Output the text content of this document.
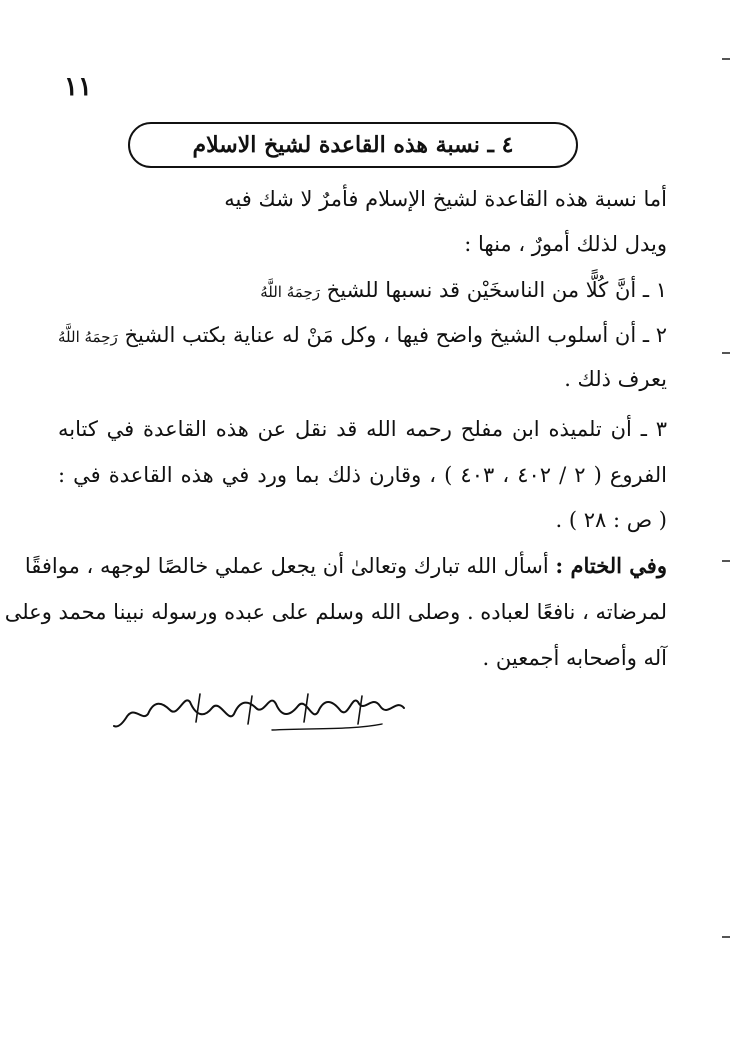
١١
٤ ـ نسبة هذه القاعدة لشيخ الاسلام
أما نسبة هذه القاعدة لشيخ الإسلام فأمرٌ لا شك فيه
ويدل لذلك أمورٌ ، منها :
١ ـ أنَّ كُلًّا من الناسخَيْن قد نسبها للشيخ رَحِمَهُ اللَّهُ
٢ ـ أن أسلوب الشيخ واضح فيها ، وكل مَنْ له عناية بكتب الشيخ رَحِمَهُ اللَّهُ
يعرف ذلك .
٣ ـ أن تلميذه ابن مفلح رحمه الله قد نقل عن هذه القاعدة في كتابه
الفروع ( ٢ / ٤٠٢ ، ٤٠٣ ) ، وقارن ذلك بما ورد في هذه القاعدة في :
( ص : ٢٨ ) .
وفي الختام : أسأل الله تبارك وتعالىٰ أن يجعل عملي خالصًا لوجهه ، موافقًا
لمرضاته ، نافعًا لعباده . وصلى الله وسلم على عبده ورسوله نبينا محمد وعلى
آله وأصحابه أجمعين .
